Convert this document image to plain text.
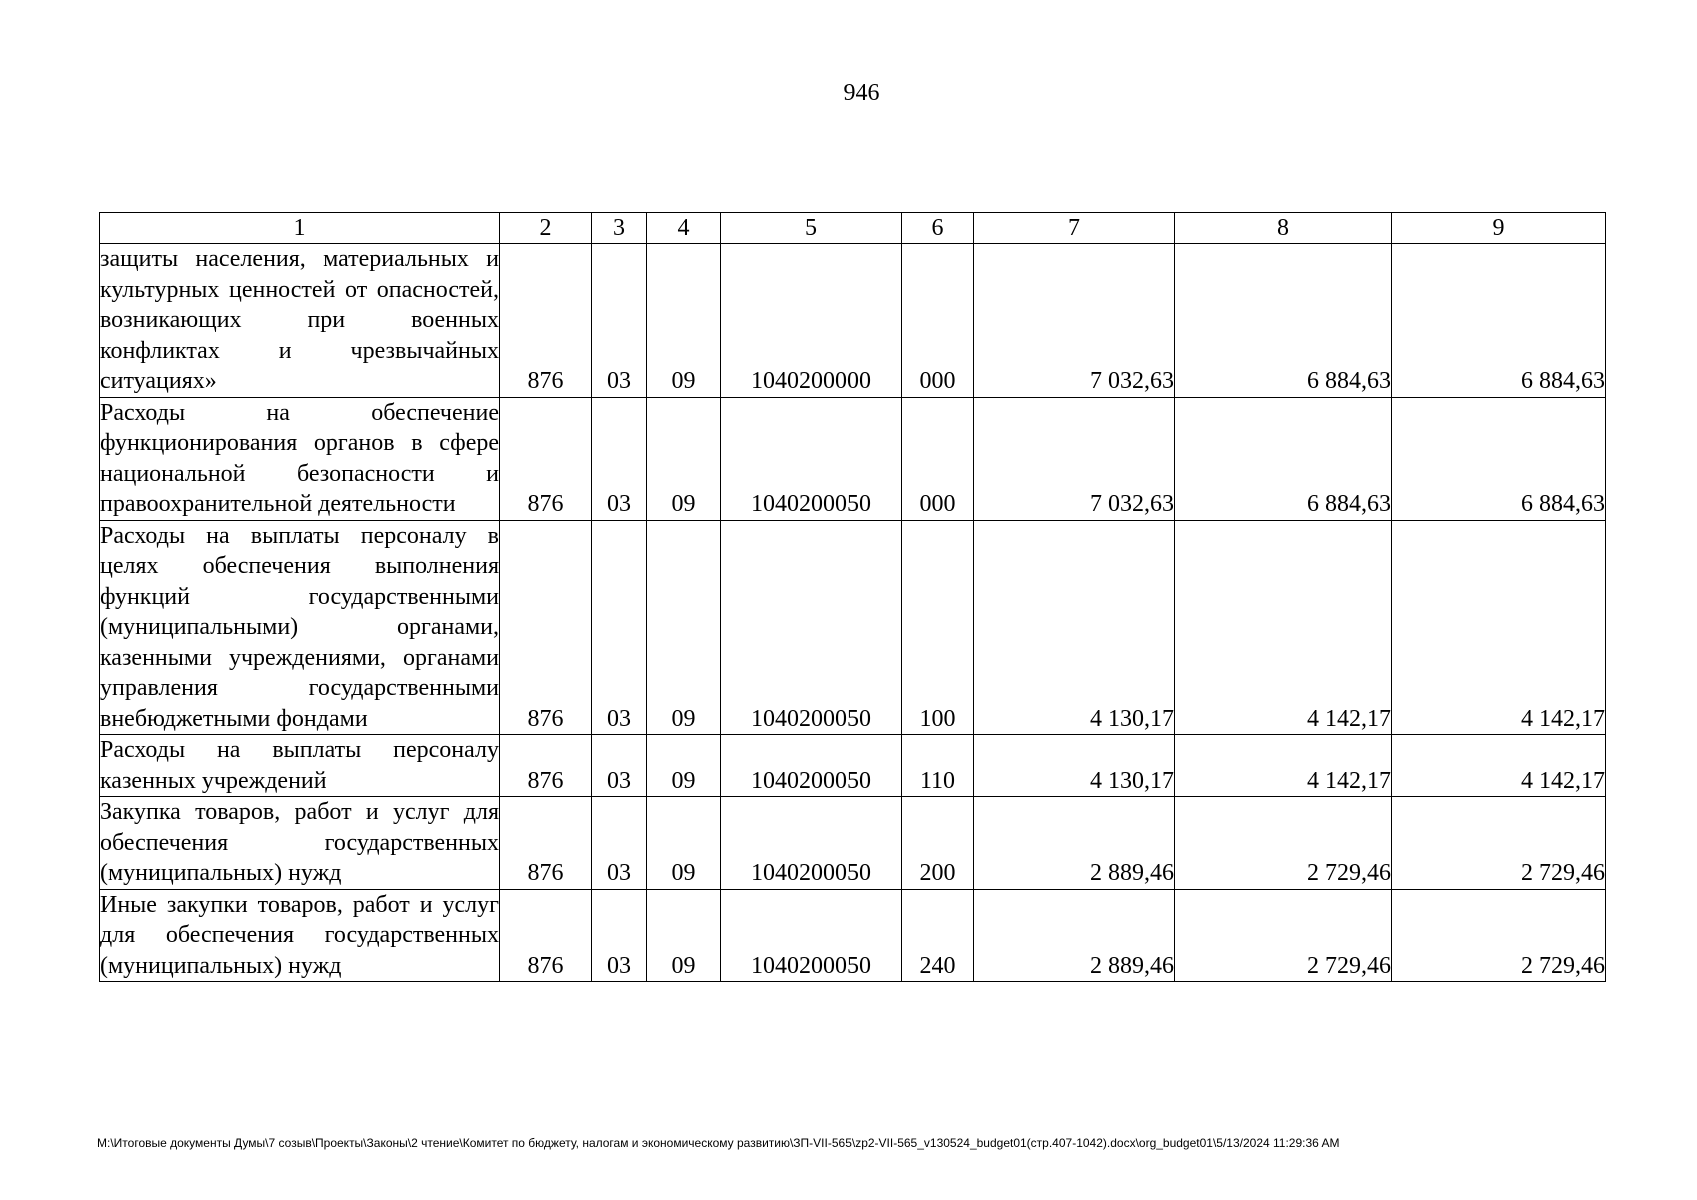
946
1	2	3	4	5	6	7	8	9
защиты населения, материальных и культурных ценностей от опасностей, возникающих при военных конфликтах и чрезвычайных ситуациях»	876	03	09	1040200000	000	7 032,63	6 884,63	6 884,63
Расходы на обеспечение функционирования органов в сфере национальной безопасности и правоохранительной деятельности	876	03	09	1040200050	000	7 032,63	6 884,63	6 884,63
Расходы на выплаты персоналу в целях обеспечения выполнения функций государственными (муниципальными) органами, казенными учреждениями, органами управления государственными внебюджетными фондами	876	03	09	1040200050	100	4 130,17	4 142,17	4 142,17
Расходы на выплаты персоналу казенных учреждений	876	03	09	1040200050	110	4 130,17	4 142,17	4 142,17
Закупка товаров, работ и услуг для обеспечения государственных (муниципальных) нужд	876	03	09	1040200050	200	2 889,46	2 729,46	2 729,46
Иные закупки товаров, работ и услуг для обеспечения государственных (муниципальных) нужд	876	03	09	1040200050	240	2 889,46	2 729,46	2 729,46
M:\Итоговые документы Думы\7 созыв\Проекты\Законы\2 чтение\Комитет по бюджету, налогам и экономическому развитию\ЗП-VII-565\zp2-VII-565_v130524_budget01(стр.407-1042).docx\org_budget01\5/13/2024 11:29:36 AM
